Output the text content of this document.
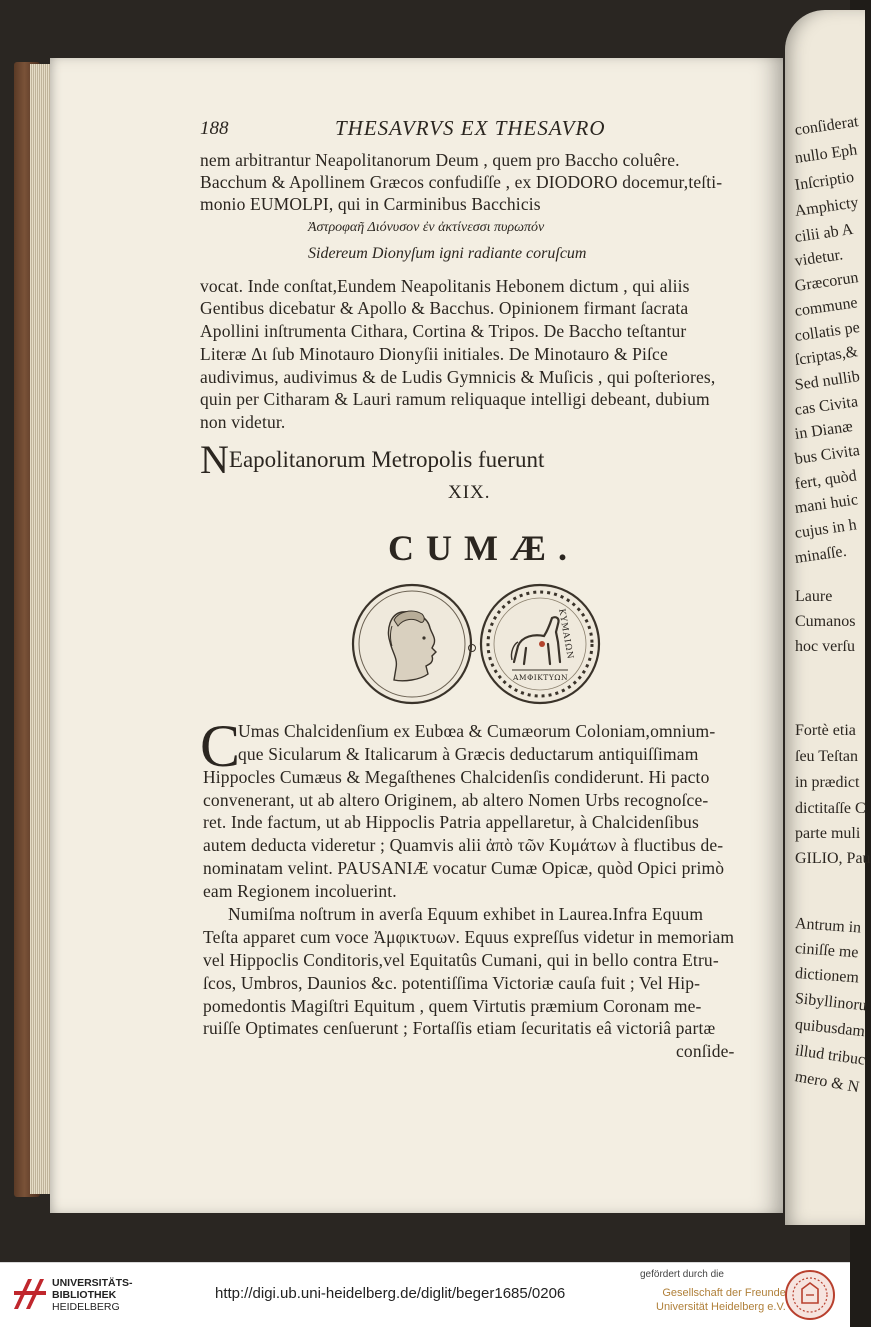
conſiderat
nullo Eph
Inſcriptio
Amphicty
cilii ab A
videtur.
Græcorun
commune
collatis pe
ſcriptas,&
Sed nullib
cas Civita
in Dianæ
bus Civita
fert, quòd
mani huic
cujus in h
minaſſe.
Laure
Cumanos
hoc verſu
Fortè etia
ſeu Teſtan
in prædict
dictitaſſe C
parte muli
GILIO, Pau
Antrum in
ciniſſe me
dictionem
Sibyllinoru
quibusdam
illud tribuc
mero & N
188	THESAVRVS EX THESAVRO
nem arbitrantur Neapolitanorum Deum , quem pro Baccho coluêre.
Bacchum & Apollinem Græcos confudiſſe , ex DIODORO docemur,teſti-
monio EUMOLPI, qui in Carminibus Bacchicis
Ἀστροφαῆ Διόνυσον ἐν ἀκτίνεσσι πυρωπόν
Sidereum Dionyſum igni radiante coruſcum
vocat. Inde conſtat,Eundem Neapolitanis Hebonem dictum , qui aliis
Gentibus dicebatur & Apollo & Bacchus. Opinionem firmant ſacrata
Apollini inſtrumenta Cithara, Cortina & Tripos. De Baccho teſtantur
Literæ Δι ſub Minotauro Dionyſii initiales. De Minotauro & Piſce
audivimus, audivimus & de Ludis Gymnicis & Muſicis , qui poſteriores,
quin per Citharam & Lauri ramum reliquaque intelligi debeant, dubium
non videtur.
NEapolitanorum Metropolis fuerunt
XIX.
CUMÆ.
ΚΥΜΑΙΩΝ
ΑΜΦΙΚΤΥΩΝ
C
Umas Chalcidenſium ex Eubœa & Cumæorum Coloniam,omnium-
que Sicularum & Italicarum à Græcis deductarum antiquiſſimam
Hippocles Cumæus & Megaſthenes Chalcidenſis condiderunt. Hi pacto
convenerant, ut ab altero Originem, ab altero Nomen Urbs recognoſce-
ret. Inde factum, ut ab Hippoclis Patria appellaretur, à Chalcidenſibus
autem deducta videretur ; Quamvis alii ἀπὸ τῶν Κυμάτων à fluctibus de-
nominatam velint. PAUSANIÆ vocatur Cumæ Opicæ, quòd Opici primò
eam Regionem incoluerint.
Numiſma noſtrum in averſa Equum exhibet in Laurea.Infra Equum
Teſta apparet cum voce Ἀμφικτυων. Equus expreſſus videtur in memoriam
vel Hippoclis Conditoris,vel Equitatûs Cumani, qui in bello contra Etru-
ſcos, Umbros, Daunios &c. potentiſſima Victoriæ cauſa fuit ; Vel Hip-
pomedontis Magiſtri Equitum , quem Virtutis præmium Coronam me-
ruiſſe Optimates cenſuerunt ; Fortaſſis etiam ſecuritatis eâ victoriâ partæ
conſide-
UNIVERSITÄTS-
BIBLIOTHEK
HEIDELBERG
http://digi.ub.uni-heidelberg.de/diglit/beger1685/0206
gefördert durch die
Gesellschaft der Freunde
Universität Heidelberg e.V.
